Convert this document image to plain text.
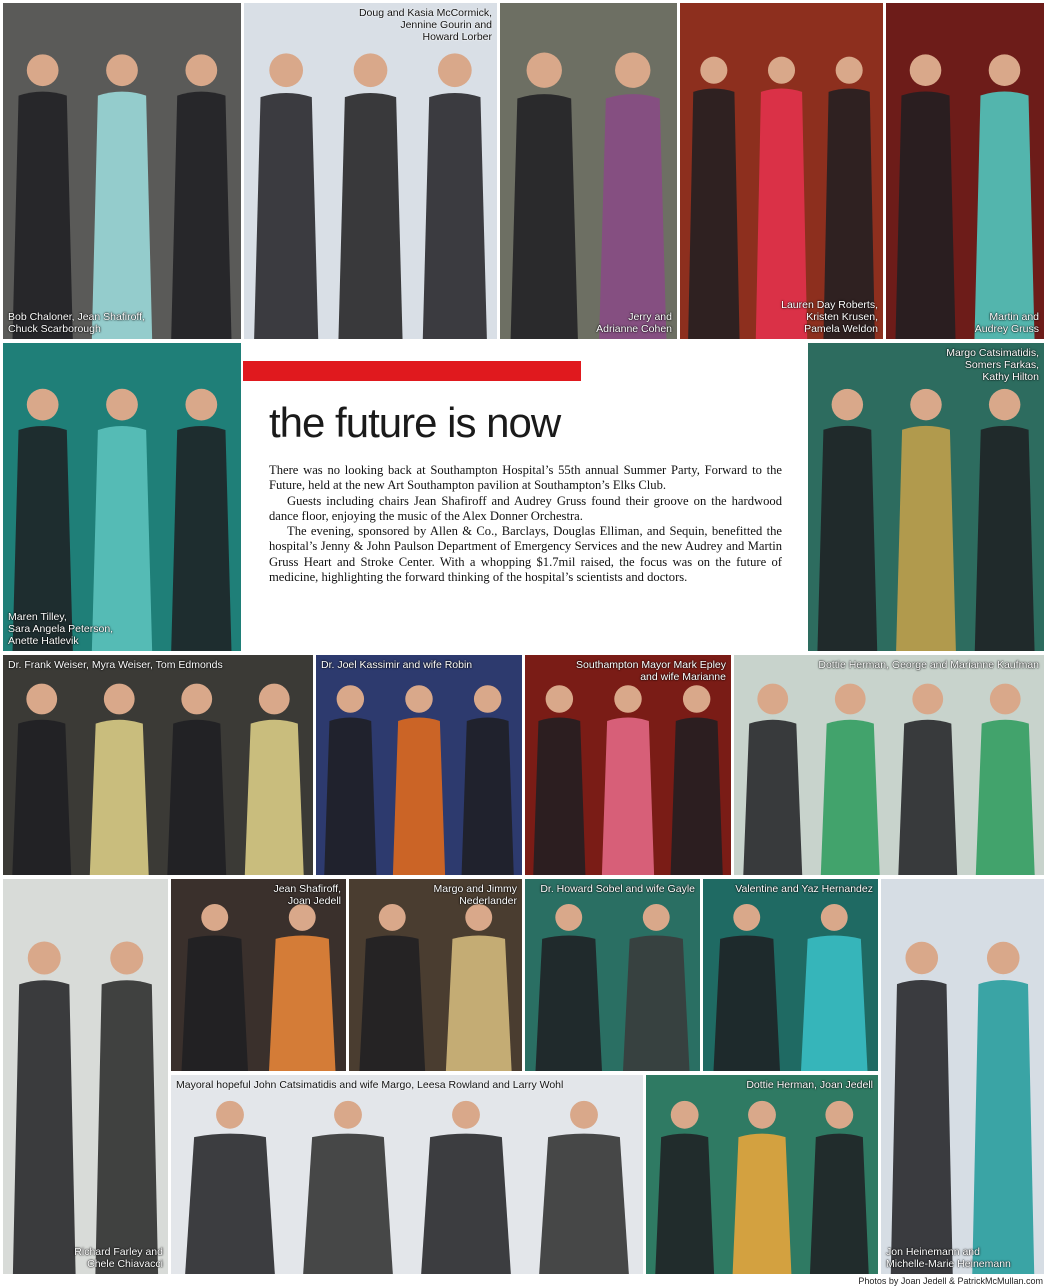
Bob Chaloner, Jean Shafiroff,
Chuck Scarborough
Doug and Kasia McCormick,
Jennine Gourin and
Howard Lorber
Jerry and
Adrianne Cohen
Lauren Day Roberts,
Kristen Krusen,
Pamela Weldon
Martin and
Audrey Gruss
Maren Tilley,
Sara Angela Peterson,
Anette Hatlevik
the future is now

There was no looking back at Southampton Hospital’s 55th annual Summer Party, Forward to the Future, held at the new Art Southampton pavilion at Southampton’s Elks Club.

Guests including chairs Jean Shafiroff and Audrey Gruss found their groove on the hardwood dance floor, enjoying the music of the Alex Donner Orchestra.

The evening, sponsored by Allen & Co., Barclays, Douglas Elliman, and Sequin, benefitted the hospital’s Jenny & John Paulson Department of Emergency Services and the new Audrey and Martin Gruss Heart and Stroke Center. With a whopping $1.7mil raised, the focus was on the future of medicine, highlighting the forward thinking of the hospital’s scientists and doctors.

Margo Catsimatidis,
Somers Farkas,
Kathy Hilton
Dr. Frank Weiser, Myra Weiser, Tom Edmonds	Dr. Joel Kassimir and wife Robin	Southampton Mayor Mark Epley
and wife Marianne
Dottie Herman, George and Marianne Kaufman
Richard Farley and
Chele Chiavacci
Jean Shafiroff,
Joan Jedell
Margo and Jimmy
Nederlander
Dr. Howard Sobel and wife Gayle	Valentine and Yaz Hernandez
Jon Heinemann and
Michelle-Marie Heinemann
Mayoral hopeful John Catsimatidis and wife Margo, Leesa Rowland and Larry Wohl	Dottie Herman, Joan Jedell
Photos by Joan Jedell & PatrickMcMullan.com
